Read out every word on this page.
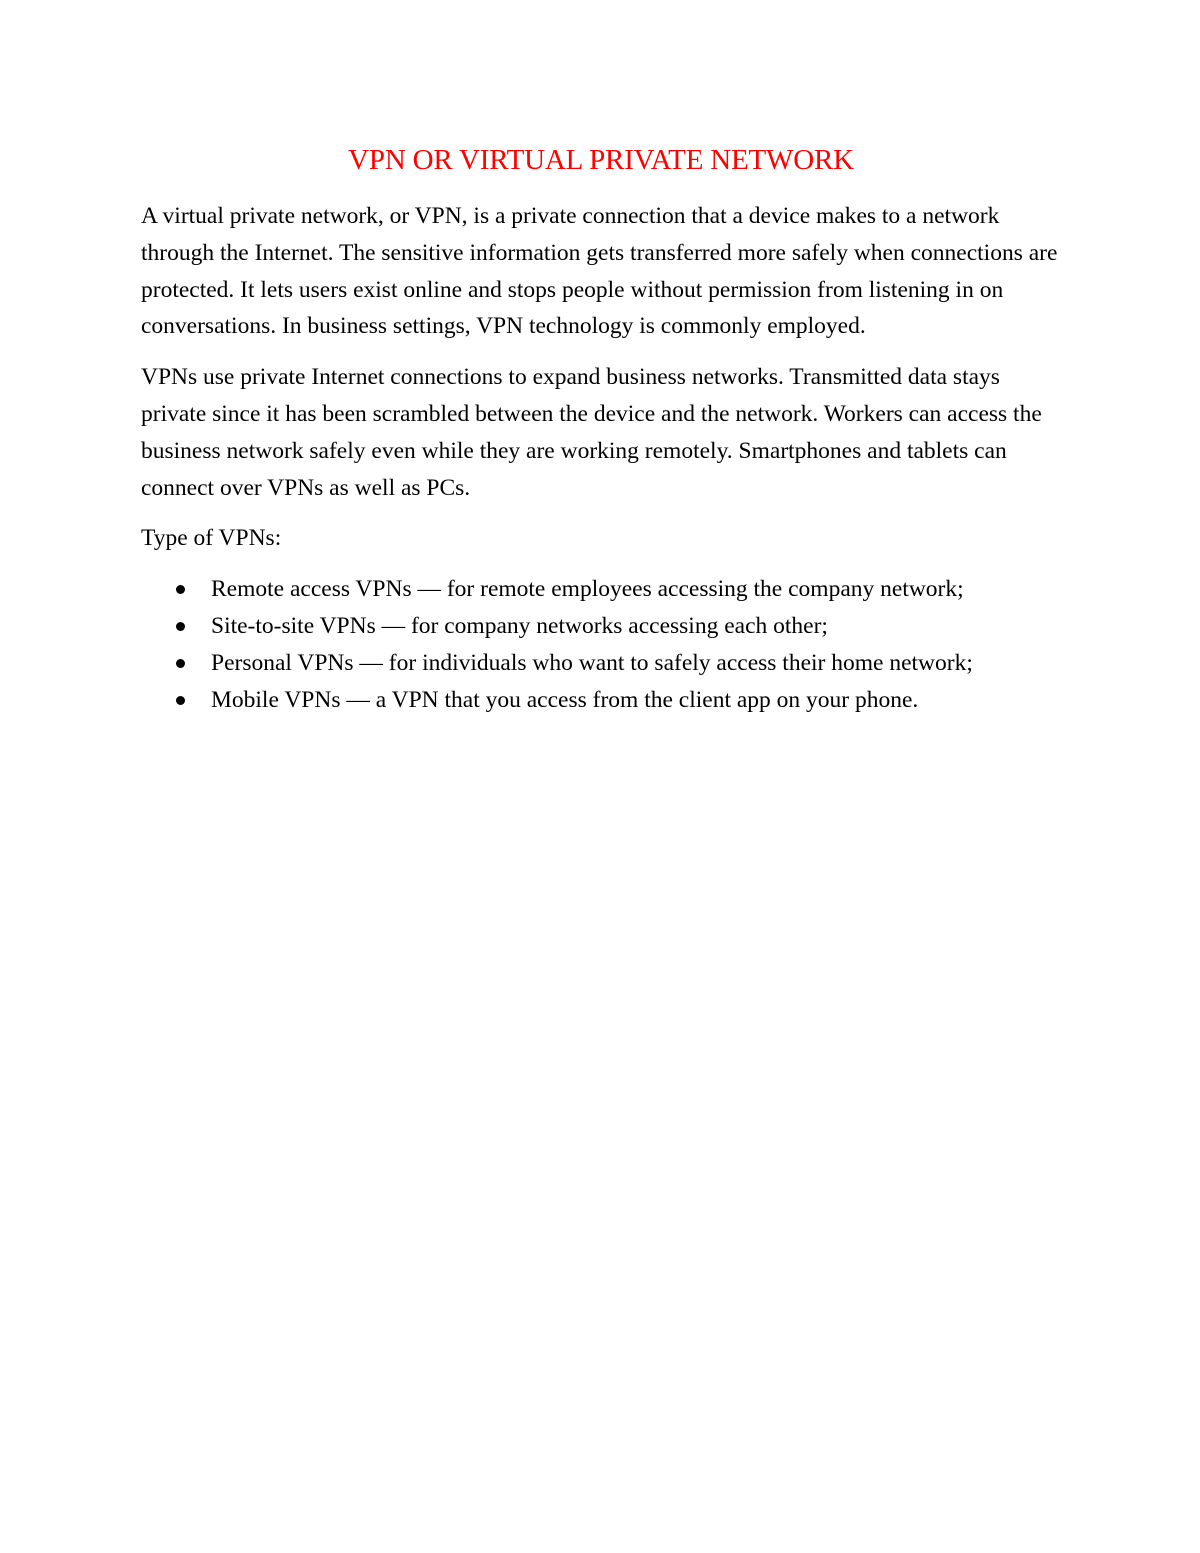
VPN OR VIRTUAL PRIVATE NETWORK

A virtual private network, or VPN, is a private connection that a device makes to a network through the Internet. The sensitive information gets transferred more safely when connections are protected. It lets users exist online and stops people without permission from listening in on conversations. In business settings, VPN technology is commonly employed.

VPNs use private Internet connections to expand business networks. Transmitted data stays private since it has been scrambled between the device and the network. Workers can access the business network safely even while they are working remotely. Smartphones and tablets can connect over VPNs as well as PCs.

Type of VPNs:

Remote access VPNs — for remote employees accessing the company network;
Site-to-site VPNs — for company networks accessing each other;
Personal VPNs — for individuals who want to safely access their home network;
Mobile VPNs — a VPN that you access from the client app on your phone.
